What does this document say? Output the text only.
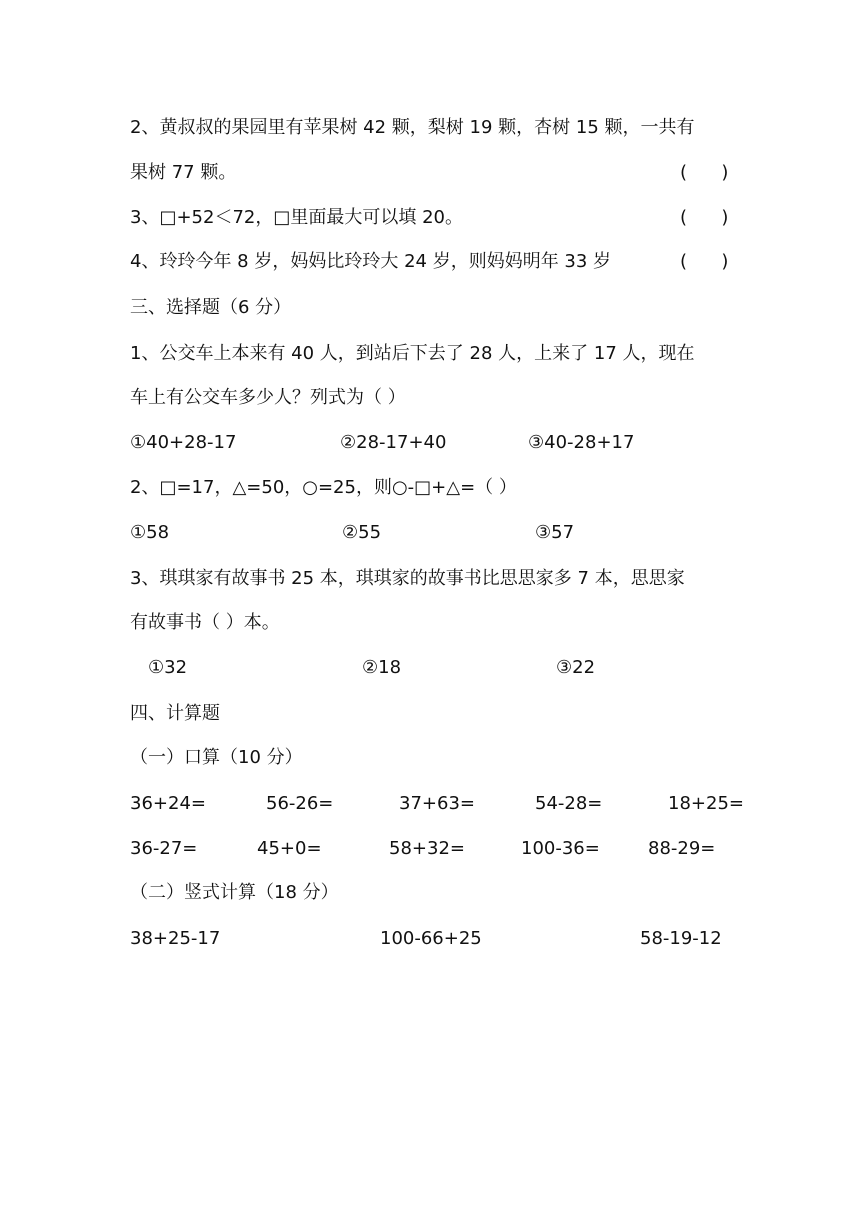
2、黄叔叔的果园里有苹果树 42 颗，梨树 19 颗，杏树 15 颗，一共有
果树 77 颗。	(      )
3、□+52＜72，□里面最大可以填 20。	(      )
4、玲玲今年 8 岁，妈妈比玲玲大 24 岁，则妈妈明年 33 岁	(      )
三、选择题（6 分）
1、公交车上本来有 40 人，到站后下去了 28 人，上来了 17 人，现在
车上有公交车多少人？列式为（ ）
①40+28-17	②28-17+40	③40-28+17
2、□=17，△=50，○=25，则○-□+△=（ ）
①58	②55	③57
3、琪琪家有故事书 25 本，琪琪家的故事书比思思家多 7 本，思思家
有故事书（ ）本。
①32	②18	③22
四、计算题
（一）口算（10 分）
36+24=	56-26=	37+63=	54-28=	18+25=
36-27=	45+0=	58+32=	100-36=	88-29=
（二）竖式计算（18 分）
38+25-17	100-66+25	58-19-12
